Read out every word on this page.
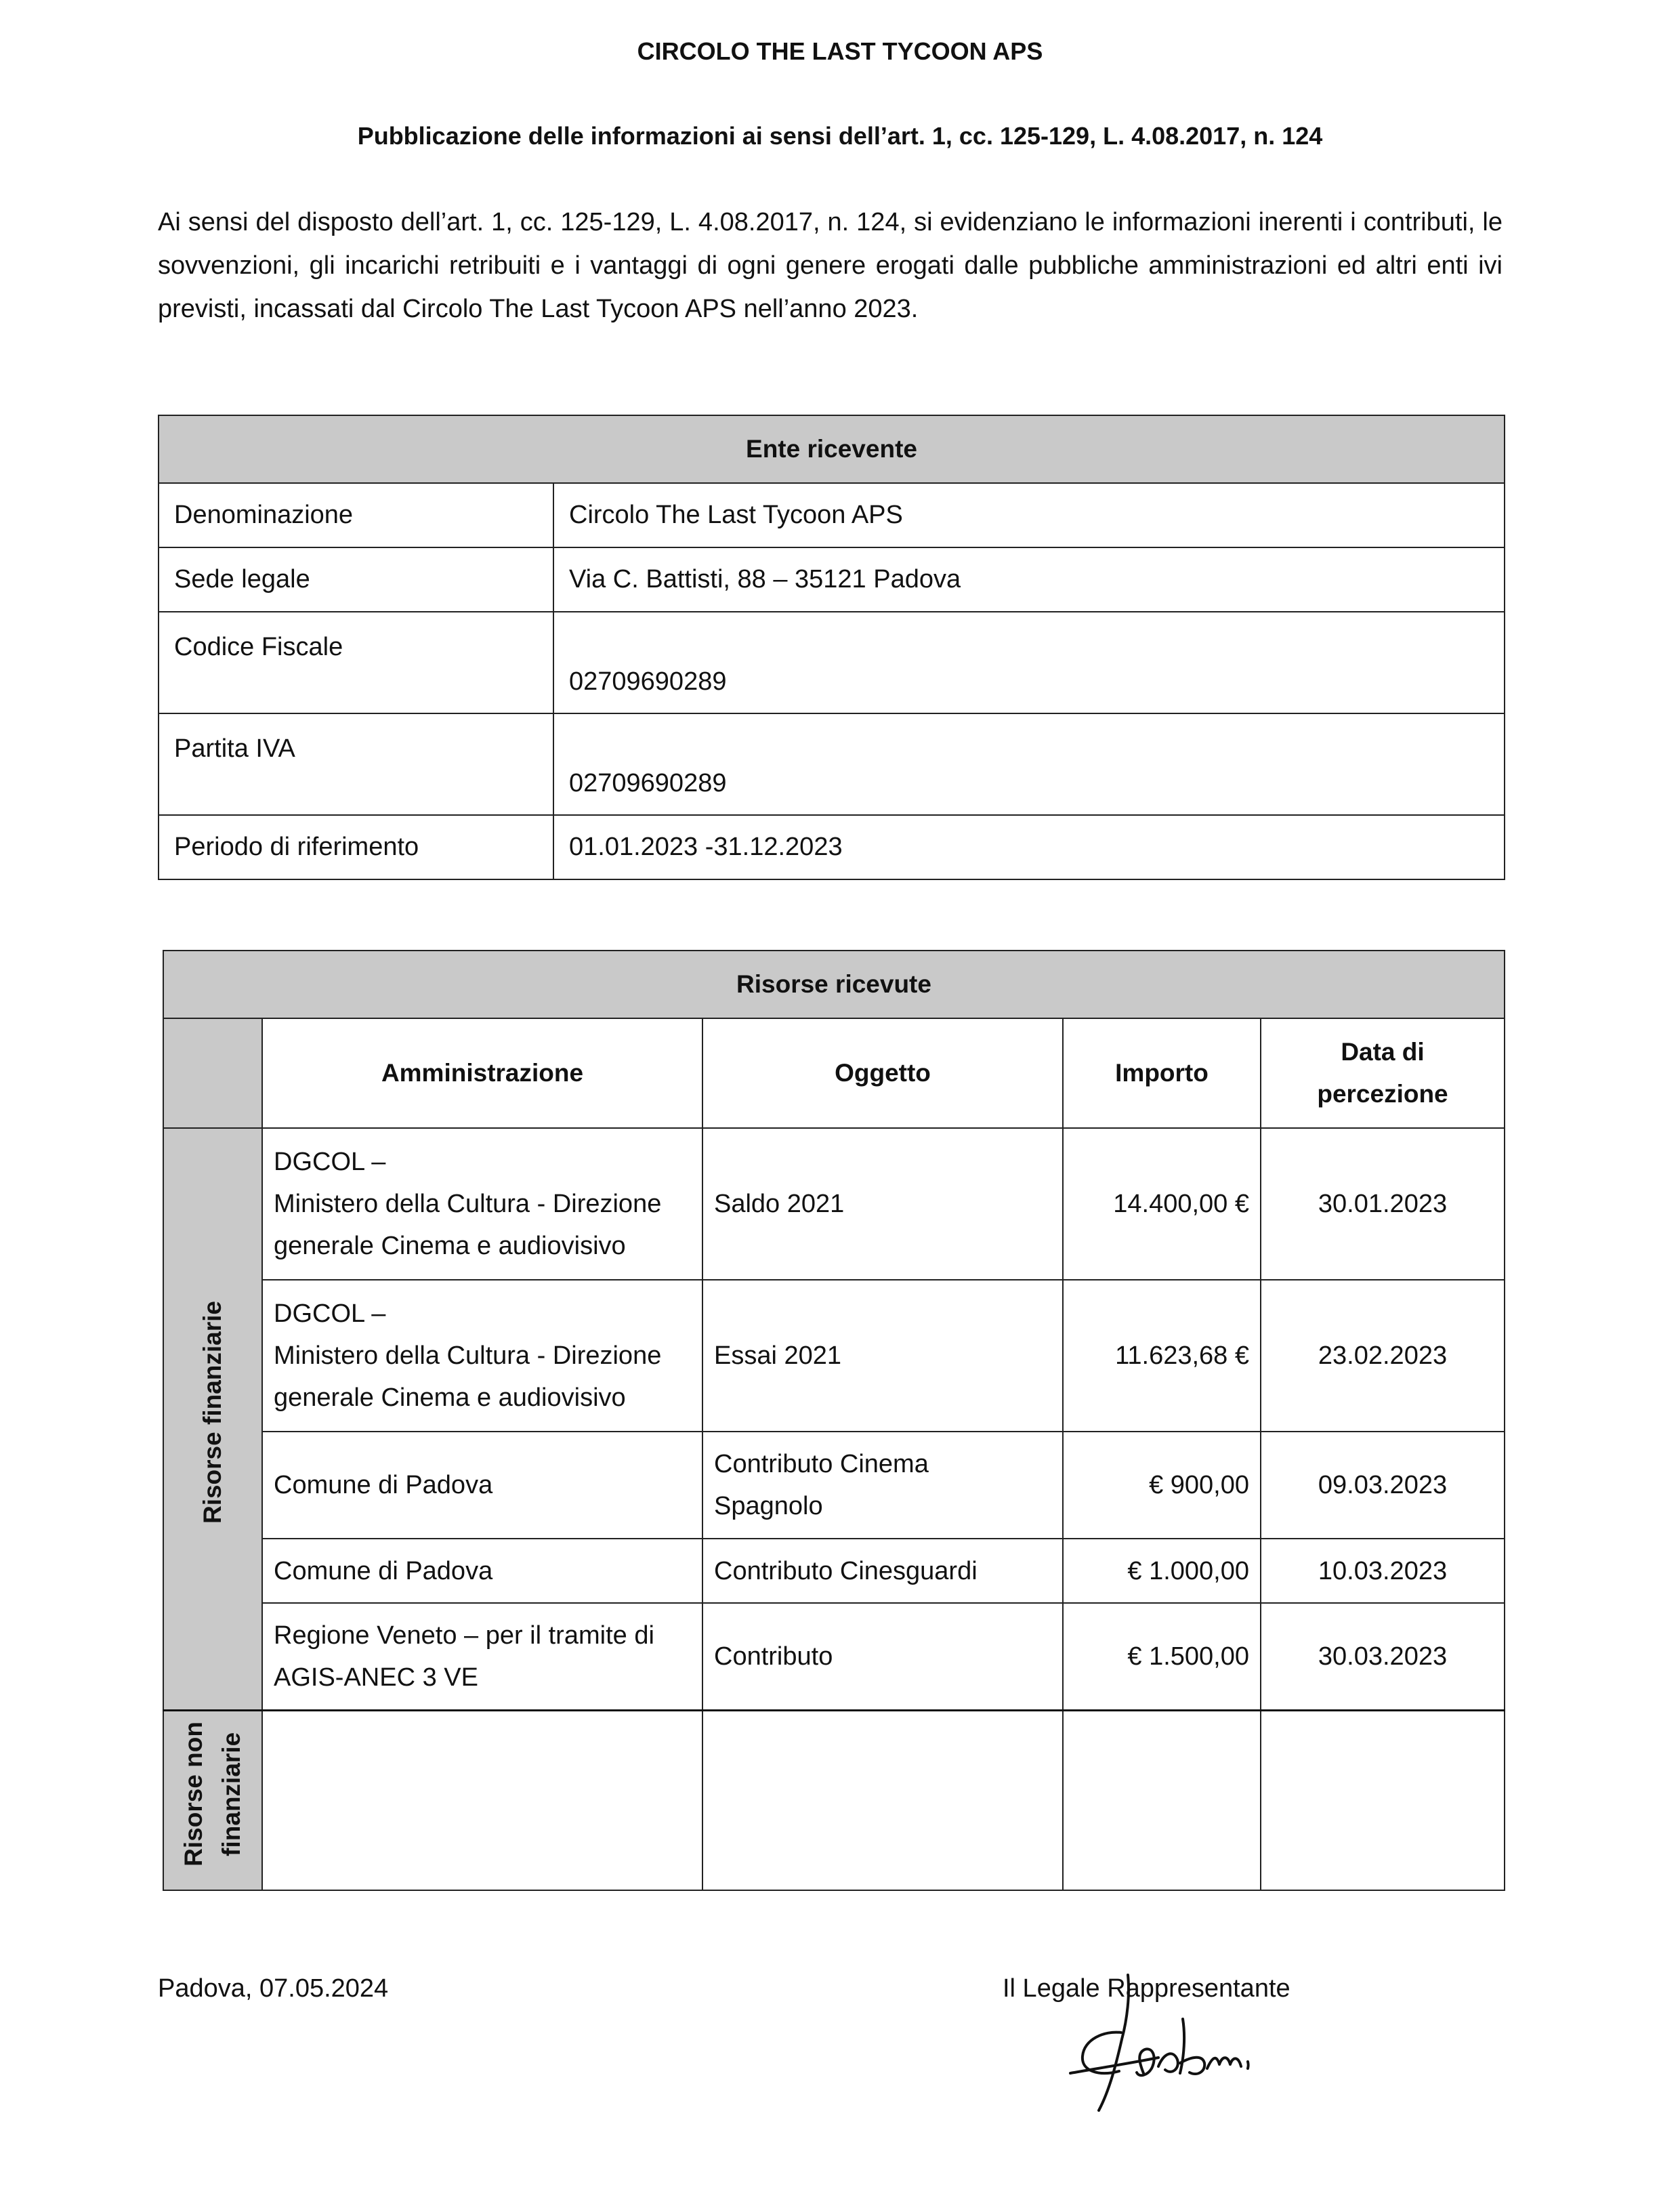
CIRCOLO THE LAST TYCOON APS
Pubblicazione delle informazioni ai sensi dell’art. 1, cc. 125-129, L. 4.08.2017, n. 124
Ai sensi del disposto dell’art. 1, cc. 125-129, L. 4.08.2017, n. 124, si evidenziano le informazioni inerenti i contributi, le sovvenzioni, gli incarichi retribuiti e i vantaggi di ogni genere erogati dalle pubbliche amministrazioni ed altri enti ivi previsti, incassati dal Circolo The Last Tycoon APS nell’anno 2023.
Ente ricevente	
Denominazione	Circolo The Last Tycoon APS
Sede legale	Via C. Battisti, 88 – 35121 Padova
Codice Fiscale	02709690289
Partita IVA	02709690289
Periodo di riferimento	01.01.2023 -31.12.2023
Risorse ricevute				
	Amministrazione	Oggetto	Importo	Data di
percezione
Risorse finanziarie	DGCOL –
Ministero della Cultura - Direzione
generale Cinema e audiovisivo	Saldo 2021	14.400,00 €	30.01.2023
	DGCOL –
Ministero della Cultura - Direzione
generale Cinema e audiovisivo	Essai 2021	11.623,68 €	23.02.2023
	Comune di Padova	Contributo Cinema
Spagnolo	€ 900,00	09.03.2023
	Comune di Padova	Contributo Cinesguardi	€ 1.000,00	10.03.2023
	Regione Veneto – per il tramite di
AGIS-ANEC 3 VE	Contributo	€ 1.500,00	30.03.2023
Risorse non finanziarie				
Padova, 07.05.2024	Il Legale Rappresentante
